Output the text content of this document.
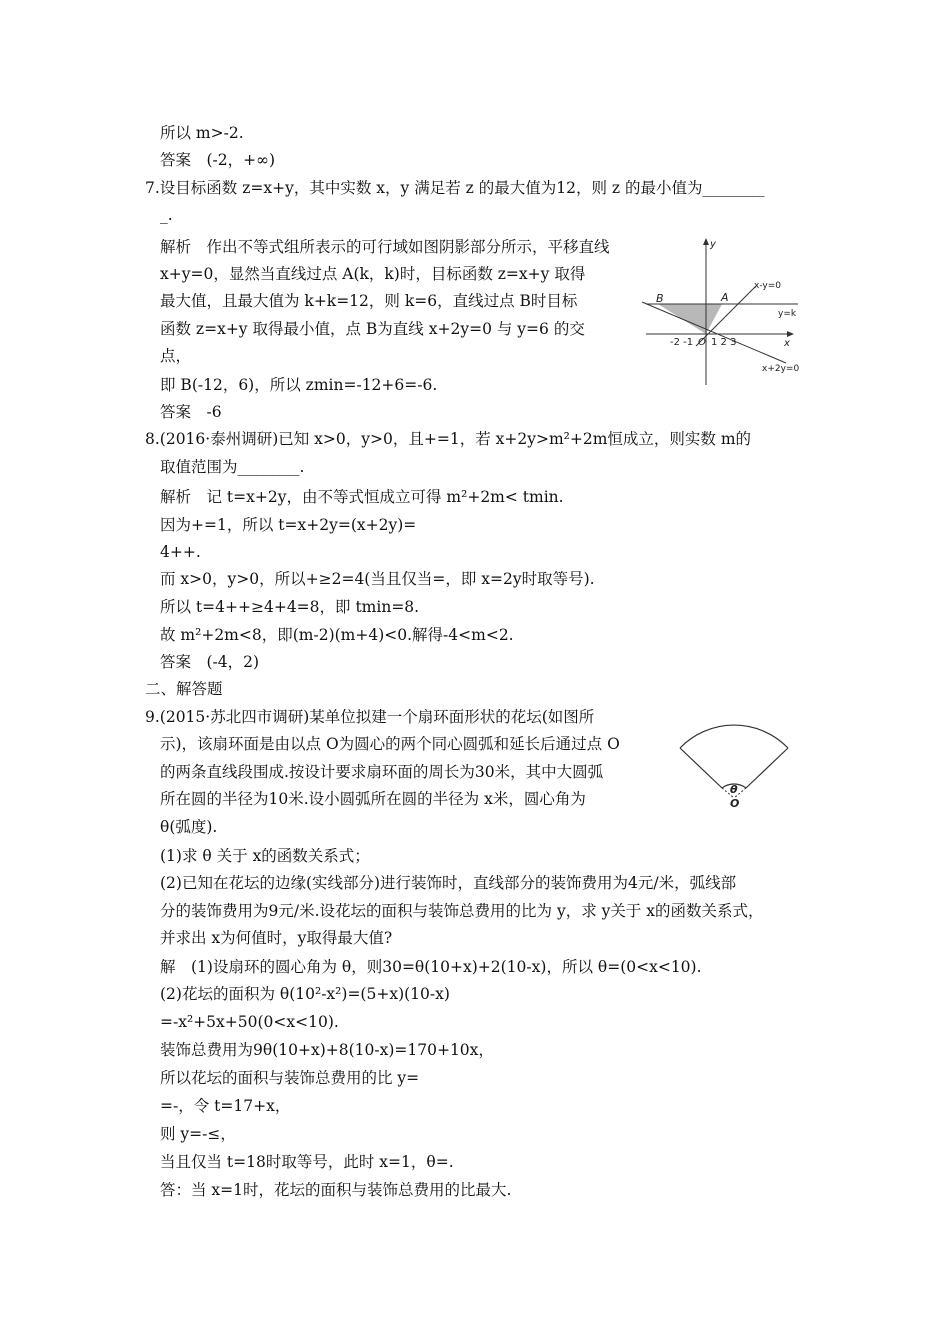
所以 m>-2.
答案　(-2，+∞)
7.设目标函数 z=x+y，其中实数 x，y 满足若 z 的最大值为12，则 z 的最小值为________
_.
解析　作出不等式组所表示的可行域如图阴影部分所示，平移直线
x+y=0，显然当直线过点 A(k，k)时，目标函数 z=x+y 取得
最大值，且最大值为 k+k=12，则 k=6，直线过点 B时目标
函数 z=x+y 取得最小值，点 B为直线 x+2y=0 与 y=6 的交
点，
即 B(-12，6)，所以 zmin=-12+6=-6.
答案　-6
8.(2016·泰州调研)已知 x>0，y>0，且+=1，若 x+2y>m²+2m恒成立，则实数 m的
取值范围为________.
解析　记 t=x+2y，由不等式恒成立可得 m²+2m< tmin.
因为+=1，所以 t=x+2y=(x+2y)=
4++.
而 x>0，y>0，所以+≥2=4(当且仅当=，即 x=2y时取等号).
所以 t=4++≥4+4=8，即 tmin=8.
故 m²+2m<8，即(m-2)(m+4)<0.解得-4<m<2.
答案　(-4，2)
二、解答题
9.(2015·苏北四市调研)某单位拟建一个扇环面形状的花坛(如图所
示)，该扇环面是由以点 O为圆心的两个同心圆弧和延长后通过点 O
的两条直线段围成.按设计要求扇环面的周长为30米，其中大圆弧
所在圆的半径为10米.设小圆弧所在圆的半径为 x米，圆心角为
θ(弧度).
(1)求 θ 关于 x的函数关系式；
(2)已知在花坛的边缘(实线部分)进行装饰时，直线部分的装饰费用为4元/米，弧线部
分的装饰费用为9元/米.设花坛的面积与装饰总费用的比为 y，求 y关于 x的函数关系式，
并求出 x为何值时，y取得最大值?
解　(1)设扇环的圆心角为 θ，则30=θ(10+x)+2(10-x)，所以 θ=(0<x<10).
(2)花坛的面积为 θ(10²-x²)=(5+x)(10-x)
=-x²+5x+50(0<x<10).
装饰总费用为9θ(10+x)+8(10-x)=170+10x，
所以花坛的面积与装饰总费用的比 y=
=-，令 t=17+x，
则 y=-≤，
当且仅当 t=18时取等号，此时 x=1，θ=.
答：当 x=1时，花坛的面积与装饰总费用的比最大.
y
x
x-y=0
y=k
x+2y=0
A
B
O
-2 -1 1 2 3
θ
O
